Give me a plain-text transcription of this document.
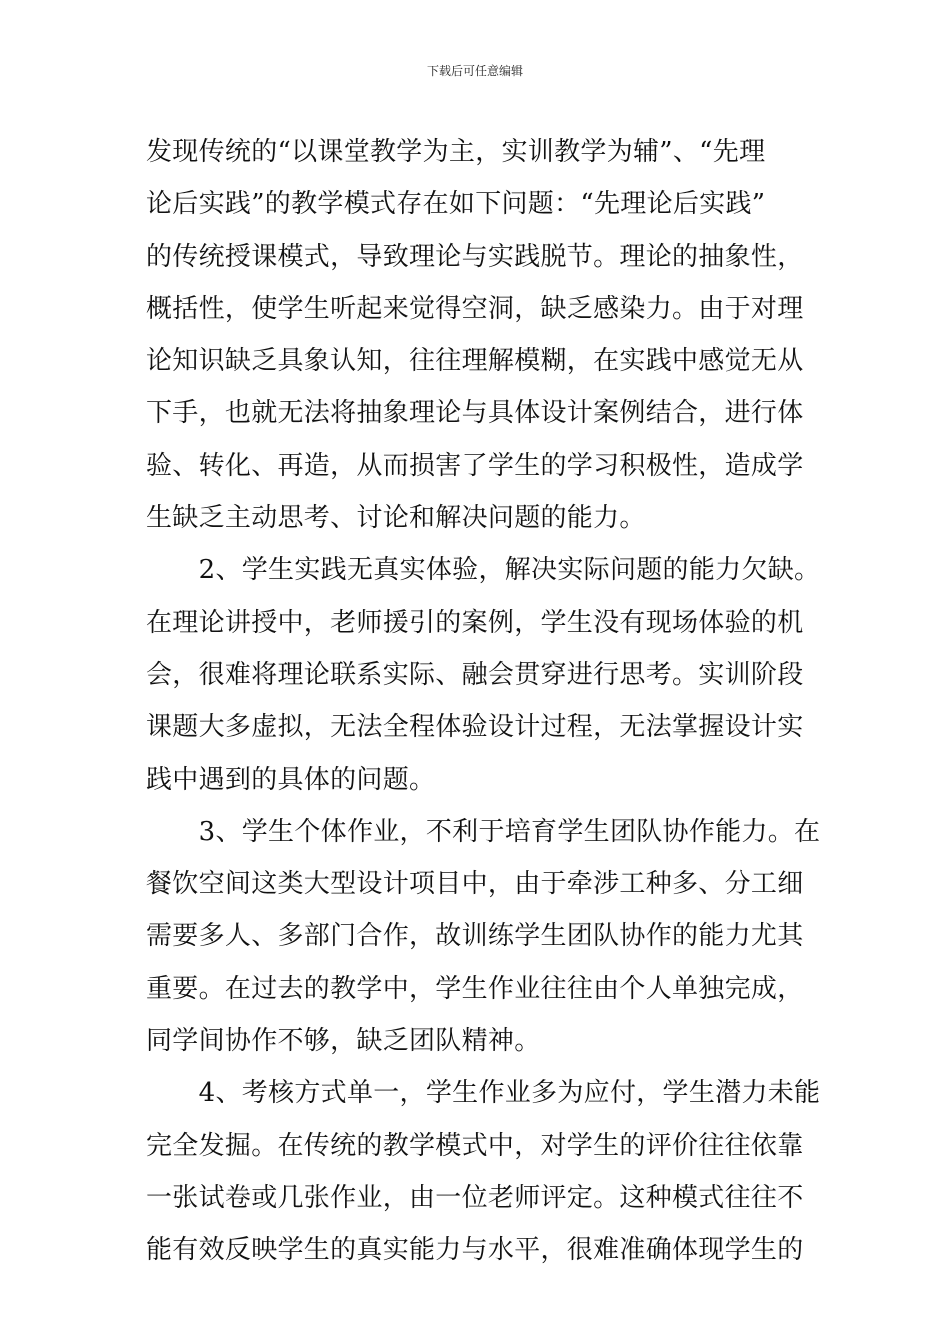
下载后可任意编辑
发现传统的“以课堂教学为主，实训教学为辅”、“先理
论后实践”的教学模式存在如下问题：“先理论后实践”
的传统授课模式，导致理论与实践脱节。理论的抽象性，
概括性，使学生听起来觉得空洞，缺乏感染力。由于对理
论知识缺乏具象认知，往往理解模糊，在实践中感觉无从
下手，也就无法将抽象理论与具体设计案例结合，进行体
验、转化、再造，从而损害了学生的学习积极性，造成学
生缺乏主动思考、讨论和解决问题的能力。
　　2、学生实践无真实体验，解决实际问题的能力欠缺。
在理论讲授中，老师援引的案例，学生没有现场体验的机
会，很难将理论联系实际、融会贯穿进行思考。实训阶段
课题大多虚拟，无法全程体验设计过程，无法掌握设计实
践中遇到的具体的问题。
　　3、学生个体作业，不利于培育学生团队协作能力。在
餐饮空间这类大型设计项目中，由于牵涉工种多、分工细
需要多人、多部门合作，故训练学生团队协作的能力尤其
重要。在过去的教学中，学生作业往往由个人单独完成，
同学间协作不够，缺乏团队精神。
　　4、考核方式单一，学生作业多为应付，学生潜力未能
完全发掘。在传统的教学模式中，对学生的评价往往依靠
一张试卷或几张作业，由一位老师评定。这种模式往往不
能有效反映学生的真实能力与水平，很难准确体现学生的
